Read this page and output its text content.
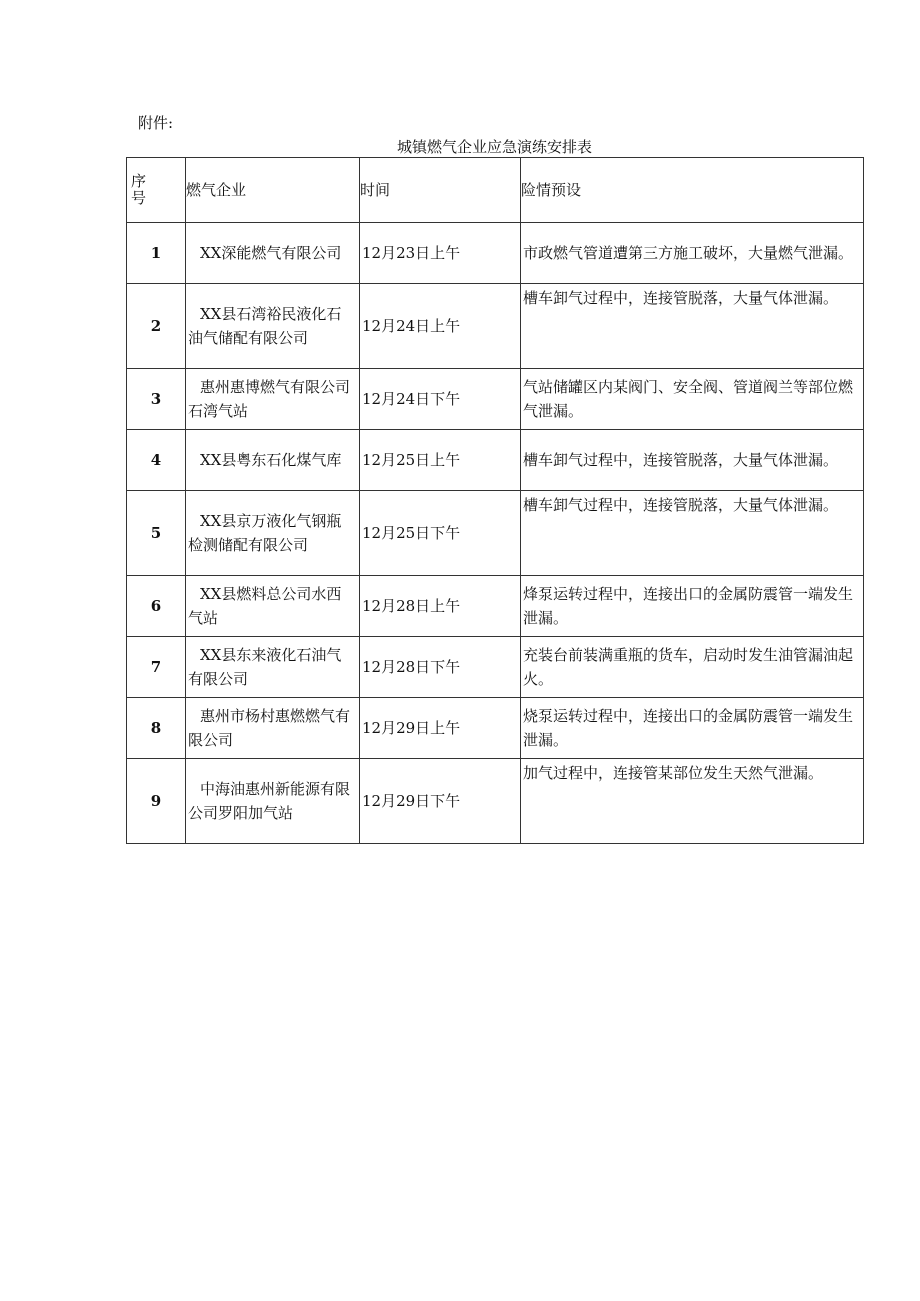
附件:
城镇燃气企业应急演练安排表
序
号	燃气企业	时间	险情预设
1	XX深能燃气有限公司	12月23日上午	市政燃气管道遭第三方施工破坏，大量燃气泄漏。
2	XX县石湾裕民液化石油气储配有限公司	12月24日上午	槽车卸气过程中，连接管脱落，大量气体泄漏。
3	惠州惠博燃气有限公司石湾气站	12月24日下午	气站储罐区内某阀门、安全阀、管道阀兰等部位燃气泄漏。
4	XX县粤东石化煤气库	12月25日上午	槽车卸气过程中，连接管脱落，大量气体泄漏。
5	XX县京万液化气钢瓶检测储配有限公司	12月25日下午	槽车卸气过程中，连接管脱落，大量气体泄漏。
6	XX县燃料总公司水西气站	12月28日上午	烽泵运转过程中，连接出口的金属防震管一端发生泄漏。
7	XX县东来液化石油气有限公司	12月28日下午	充装台前装满重瓶的货车，启动时发生油管漏油起火。
8	惠州市杨村惠燃燃气有限公司	12月29日上午	烧泵运转过程中，连接出口的金属防震管一端发生泄漏。
9	中海油惠州新能源有限公司罗阳加气站	12月29日下午	加气过程中，连接管某部位发生天然气泄漏。
